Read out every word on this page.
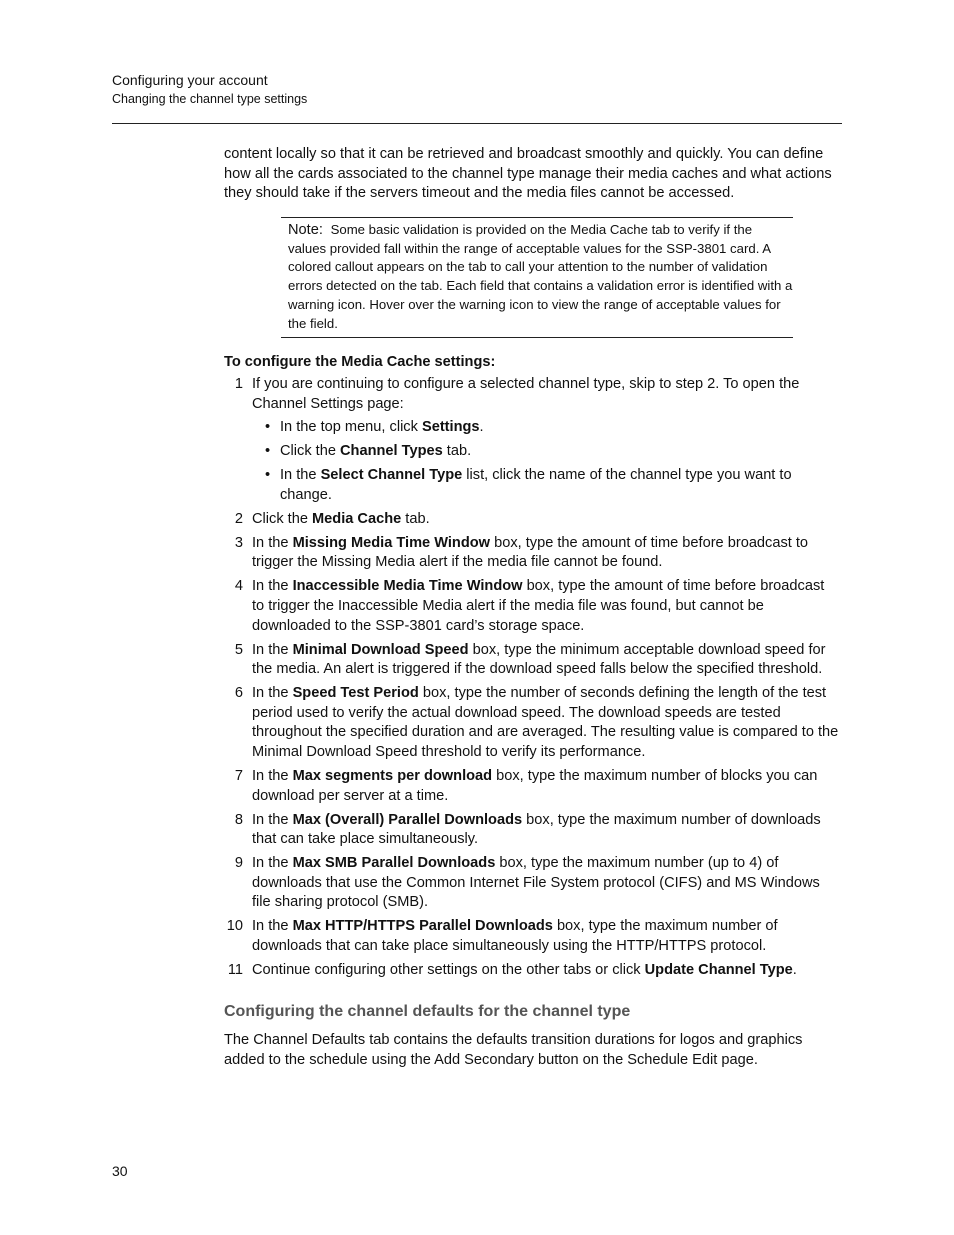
Configuring your account
Changing the channel type settings

content locally so that it can be retrieved and broadcast smoothly and quickly. You can define how all the cards associated to the channel type manage their media caches and what actions they should take if the servers timeout and the media files cannot be accessed.

Note: Some basic validation is provided on the Media Cache tab to verify if the values provided fall within the range of acceptable values for the SSP-3801 card. A colored callout appears on the tab to call your attention to the number of validation errors detected on the tab. Each field that contains a validation error is identified with a warning icon. Hover over the warning icon to view the range of acceptable values for the field.

To configure the Media Cache settings:

1 If you are continuing to configure a selected channel type, skip to step 2. To open the Channel Settings page:
• In the top menu, click Settings.
• Click the Channel Types tab.
• In the Select Channel Type list, click the name of the channel type you want to change.
2 Click the Media Cache tab.
3 In the Missing Media Time Window box, type the amount of time before broadcast to trigger the Missing Media alert if the media file cannot be found.
4 In the Inaccessible Media Time Window box, type the amount of time before broadcast to trigger the Inaccessible Media alert if the media file was found, but cannot be downloaded to the SSP-3801 card’s storage space.
5 In the Minimal Download Speed box, type the minimum acceptable download speed for the media. An alert is triggered if the download speed falls below the specified threshold.
6 In the Speed Test Period box, type the number of seconds defining the length of the test period used to verify the actual download speed. The download speeds are tested throughout the specified duration and are averaged. The resulting value is compared to the Minimal Download Speed threshold to verify its performance.
7 In the Max segments per download box, type the maximum number of blocks you can download per server at a time.
8 In the Max (Overall) Parallel Downloads box, type the maximum number of downloads that can take place simultaneously.
9 In the Max SMB Parallel Downloads box, type the maximum number (up to 4) of downloads that use the Common Internet File System protocol (CIFS) and MS Windows file sharing protocol (SMB).
10 In the Max HTTP/HTTPS Parallel Downloads box, type the maximum number of downloads that can take place simultaneously using the HTTP/HTTPS protocol.
11 Continue configuring other settings on the other tabs or click Update Channel Type.

Configuring the channel defaults for the channel type

The Channel Defaults tab contains the defaults transition durations for logos and graphics added to the schedule using the Add Secondary button on the Schedule Edit page.

30
